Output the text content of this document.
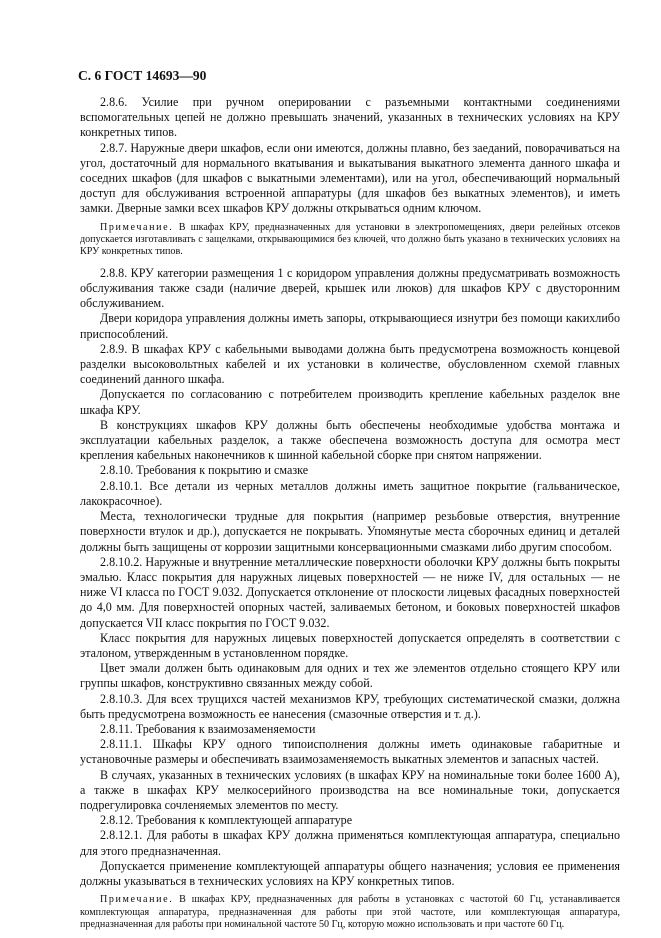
С. 6 ГОСТ 14693—90

2.8.6. Усилие при ручном оперировании с разъемными контактными соединениями вспомогательных цепей не должно превышать значений, указанных в технических условиях на КРУ конкретных типов.

2.8.7. Наружные двери шкафов, если они имеются, должны плавно, без заеданий, поворачиваться на угол, достаточный для нормального вкатывания и выкатывания выкатного элемента данного шкафа и соседних шкафов (для шкафов с выкатными элементами), или на угол, обеспечивающий нормальный доступ для обслуживания встроенной аппаратуры (для шкафов без выкатных элементов), и иметь замки. Дверные замки всех шкафов КРУ должны открываться одним ключом.

Примечание. В шкафах КРУ, предназначенных для установки в электропомещениях, двери релейных отсеков допускается изготавливать с защелками, открывающимися без ключей, что должно быть указано в технических условиях на КРУ конкретных типов.

2.8.8. КРУ категории размещения 1 с коридором управления должны предусматривать возможность обслуживания также сзади (наличие дверей, крышек или люков) для шкафов КРУ с двусторонним обслуживанием.

Двери коридора управления должны иметь запоры, открывающиеся изнутри без помощи какихлибо приспособлений.

2.8.9. В шкафах КРУ с кабельными выводами должна быть предусмотрена возможность концевой разделки высоковольтных кабелей и их установки в количестве, обусловленном схемой главных соединений данного шкафа.

Допускается по согласованию с потребителем производить крепление кабельных разделок вне шкафа КРУ.

В конструкциях шкафов КРУ должны быть обеспечены необходимые удобства монтажа и эксплуатации кабельных разделок, а также обеспечена возможность доступа для осмотра мест крепления кабельных наконечников к шинной кабельной сборке при снятом напряжении.

2.8.10. Требования к покрытию и смазке

2.8.10.1. Все детали из черных металлов должны иметь защитное покрытие (гальваническое, лакокрасочное).

Места, технологически трудные для покрытия (например резьбовые отверстия, внутренние поверхности втулок и др.), допускается не покрывать. Упомянутые места сборочных единиц и деталей должны быть защищены от коррозии защитными консервационными смазками либо другим способом.

2.8.10.2. Наружные и внутренние металлические поверхности оболочки КРУ должны быть покрыты эмалью. Класс покрытия для наружных лицевых поверхностей — не ниже IV, для остальных — не ниже VI класса по ГОСТ 9.032. Допускается отклонение от плоскости лицевых фасадных поверхностей до 4,0 мм. Для поверхностей опорных частей, заливаемых бетоном, и боковых поверхностей шкафов допускается VII класс покрытия по ГОСТ 9.032.

Класс покрытия для наружных лицевых поверхностей допускается определять в соответствии с эталоном, утвержденным в установленном порядке.

Цвет эмали должен быть одинаковым для одних и тех же элементов отдельно стоящего КРУ или группы шкафов, конструктивно связанных между собой.

2.8.10.3. Для всех трущихся частей механизмов КРУ, требующих систематической смазки, должна быть предусмотрена возможность ее нанесения (смазочные отверстия и т. д.).

2.8.11. Требования к взаимозаменяемости

2.8.11.1. Шкафы КРУ одного типоисполнения должны иметь одинаковые габаритные и установочные размеры и обеспечивать взаимозаменяемость выкатных элементов и запасных частей.

В случаях, указанных в технических условиях (в шкафах КРУ на номинальные токи более 1600 А), а также в шкафах КРУ мелкосерийного производства на все номинальные токи, допускается подрегулировка сочленяемых элементов по месту.

2.8.12. Требования к комплектующей аппаратуре

2.8.12.1. Для работы в шкафах КРУ должна применяться комплектующая аппаратура, специально для этого предназначенная.

Допускается применение комплектующей аппаратуры общего назначения; условия ее применения должны указываться в технических условиях на КРУ конкретных типов.

Примечание. В шкафах КРУ, предназначенных для работы в установках с частотой 60 Гц, устанавливается комплектующая аппаратура, предназначенная для работы при этой частоте, или комплектующая аппаратура, предназначенная для работы при номинальной частоте 50 Гц, которую можно использовать и при частоте 60 Гц.
